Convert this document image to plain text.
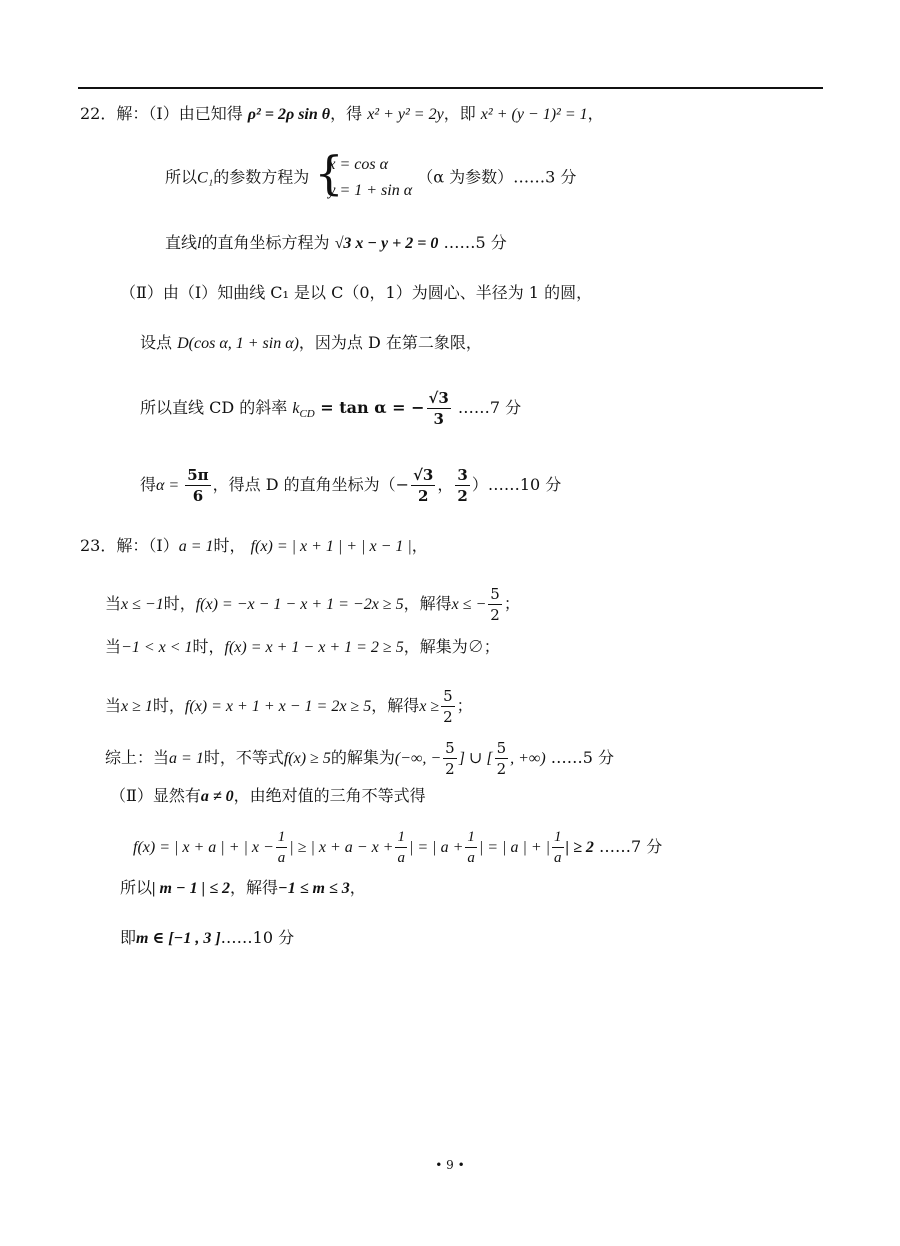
22．解：（Ⅰ）由已知得 ρ² = 2ρ sin θ，得 x² + y² = 2y，即 x² + (y − 1)² = 1，
所以C₁的参数方程为 {
x = cos α
y = 1 + sin α
（α 为参数）……3 分
直线l的直角坐标方程为 √3 x − y + 2 = 0 ……5 分
（Ⅱ）由（Ⅰ）知曲线 C₁ 是以 C（0，1）为圆心、半径为 1 的圆，
设点 D(cos α, 1 + sin α)，因为点 D 在第二象限，
所以直线 CD 的斜率 $k_{CD} = \tan \alpha$ = − $\frac{√3}{3}$ ……7 分
得$\alpha = \frac{5\pi}{6}$ ，得点 D 的直角坐标为（− $\frac{√3}{2}$ ， $\frac{3}{2}$ ）……10 分
23．解：（Ⅰ）a = 1时， f(x) = | x + 1 | + | x − 1 |，
当x ≤ −1时，f(x) = −x − 1 − x + 1 = −2x ≥ 5，解得x ≤ − $\frac{5}{2}$ ；
当−1 < x < 1时，f(x) = x + 1 − x + 1 = 2 ≥ 5，解集为∅；
当x ≥ 1时，f(x) = x + 1 + x − 1 = 2x ≥ 5，解得$x \ge \frac{5}{2}$ ；
综上：当a = 1时，不等式f(x) ≥ 5的解集为(−∞, − $\frac{5}{2}$ ] ∪ [ $\frac{5}{2}$ , +∞) ……5 分
（Ⅱ）显然有a ≠ 0，由绝对值的三角不等式得
f(x) = | x + a | + | $x - \frac{1}{a}$ | ≥ | $x + a - x + \frac{1}{a}$ | = | $a + \frac{1}{a}$ | = | a | + | $\frac{1}{a}$ | ≥ 2 ……7 分
所以| m − 1 | ≤ 2，解得−1 ≤ m ≤ 3，
即m ∈ [−1 , 3 ]……10 分
• 9 •
